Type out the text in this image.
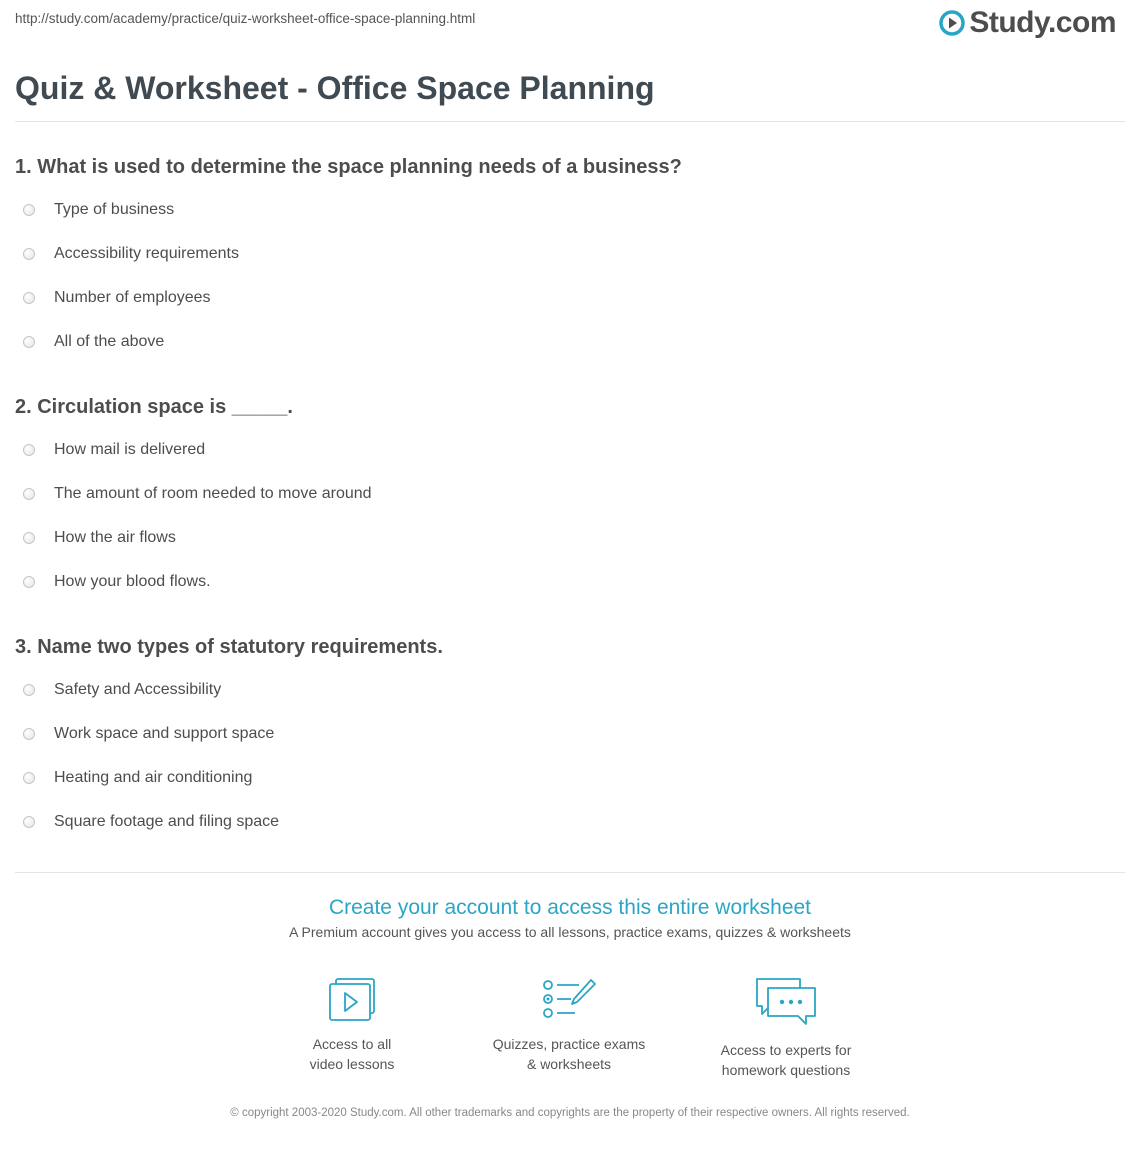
http://study.com/academy/practice/quiz-worksheet-office-space-planning.html	Study.com
Quiz & Worksheet - Office Space Planning
1. What is used to determine the space planning needs of a business?
Type of business
Accessibility requirements
Number of employees
All of the above
2. Circulation space is _____.
How mail is delivered
The amount of room needed to move around
How the air flows
How your blood flows.
3. Name two types of statutory requirements.
Safety and Accessibility
Work space and support space
Heating and air conditioning
Square footage and filing space
Create your account to access this entire worksheet

A Premium account gives you access to all lessons, practice exams, quizzes & worksheets

Access to all
video lessons
Quizzes, practice exams
& worksheets
Access to experts for
homework questions
© copyright 2003-2020 Study.com. All other trademarks and copyrights are the property of their respective owners. All rights reserved.
